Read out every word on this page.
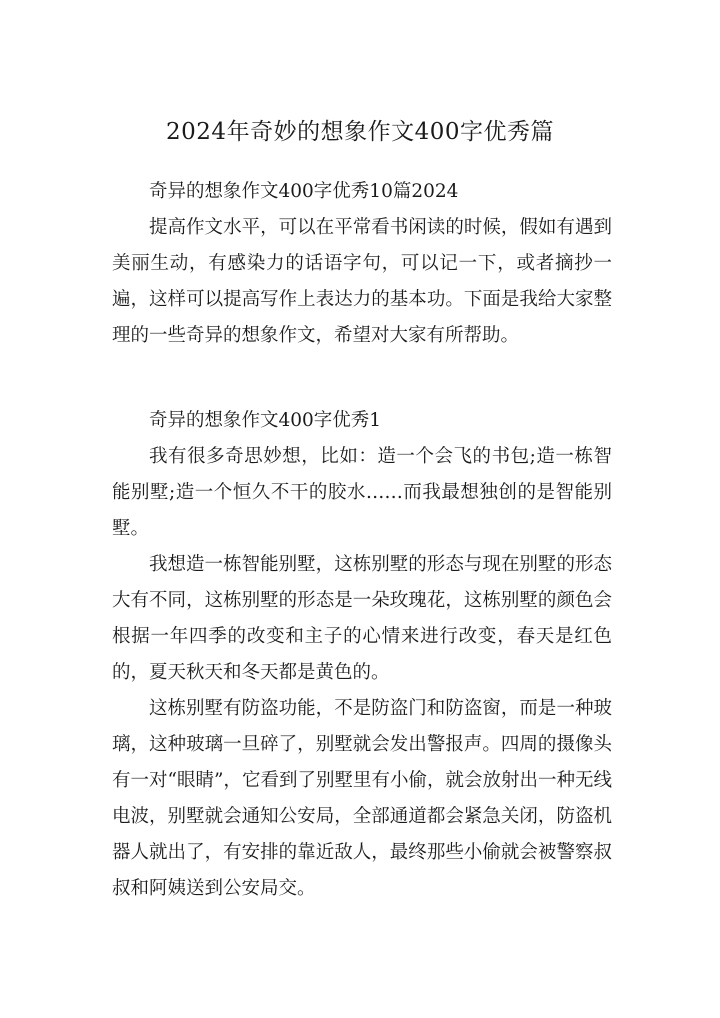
2024年奇妙的想象作文400字优秀篇

奇异的想象作文400字优秀10篇2024

提高作文水平，可以在平常看书闲读的时候，假如有遇到美丽生动，有感染力的话语字句，可以记一下，或者摘抄一遍，这样可以提高写作上表达力的基本功。下面是我给大家整理的一些奇异的想象作文，希望对大家有所帮助。

奇异的想象作文400字优秀1

我有很多奇思妙想，比如：造一个会飞的书包;造一栋智能别墅;造一个恒久不干的胶水……而我最想独创的是智能别墅。

我想造一栋智能别墅，这栋别墅的形态与现在别墅的形态大有不同，这栋别墅的形态是一朵玫瑰花，这栋别墅的颜色会根据一年四季的改变和主子的心情来进行改变，春天是红色的，夏天秋天和冬天都是黄色的。

这栋别墅有防盗功能，不是防盗门和防盗窗，而是一种玻璃，这种玻璃一旦碎了，别墅就会发出警报声。四周的摄像头有一对“眼睛”，它看到了别墅里有小偷，就会放射出一种无线电波，别墅就会通知公安局，全部通道都会紧急关闭，防盗机器人就出了，有安排的靠近敌人，最终那些小偷就会被警察叔叔和阿姨送到公安局交。
